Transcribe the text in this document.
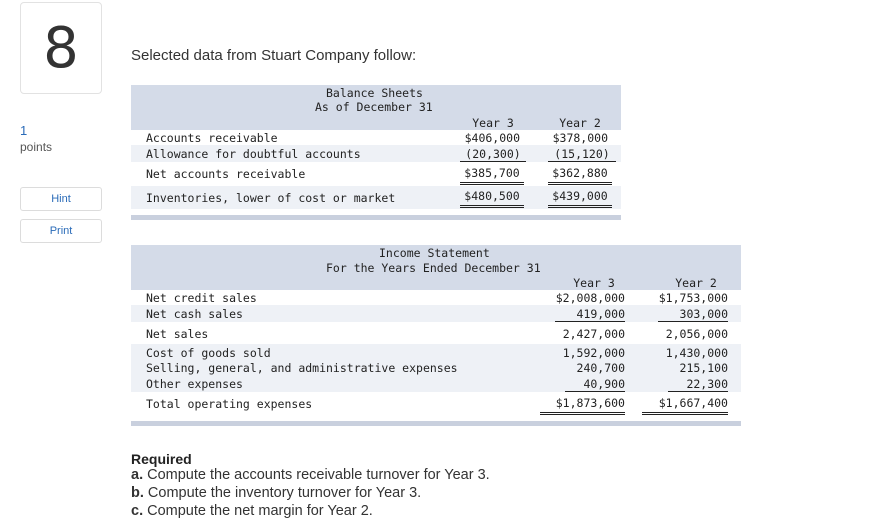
8
1
points
Hint
Print
Selected data from Stuart Company follow:
Balance Sheets
As of December 31
Year 3	Year 2
Accounts receivable	$406,000	$378,000
Allowance for doubtful accounts	(20,300)	(15,120)
Net accounts receivable	$385,700	$362,880
Inventories, lower of cost or market	$480,500	$439,000
Income Statement
For the Years Ended December 31
Year 3	Year 2
Net credit sales	$2,008,000	$1,753,000
Net cash sales	419,000	303,000
Net sales	2,427,000	2,056,000
Cost of goods sold	1,592,000	1,430,000
Selling, general, and administrative expenses	240,700	215,100
Other expenses	40,900	22,300
Total operating expenses	$1,873,600	$1,667,400
Required
a. Compute the accounts receivable turnover for Year 3.
b. Compute the inventory turnover for Year 3.
c. Compute the net margin for Year 2.
